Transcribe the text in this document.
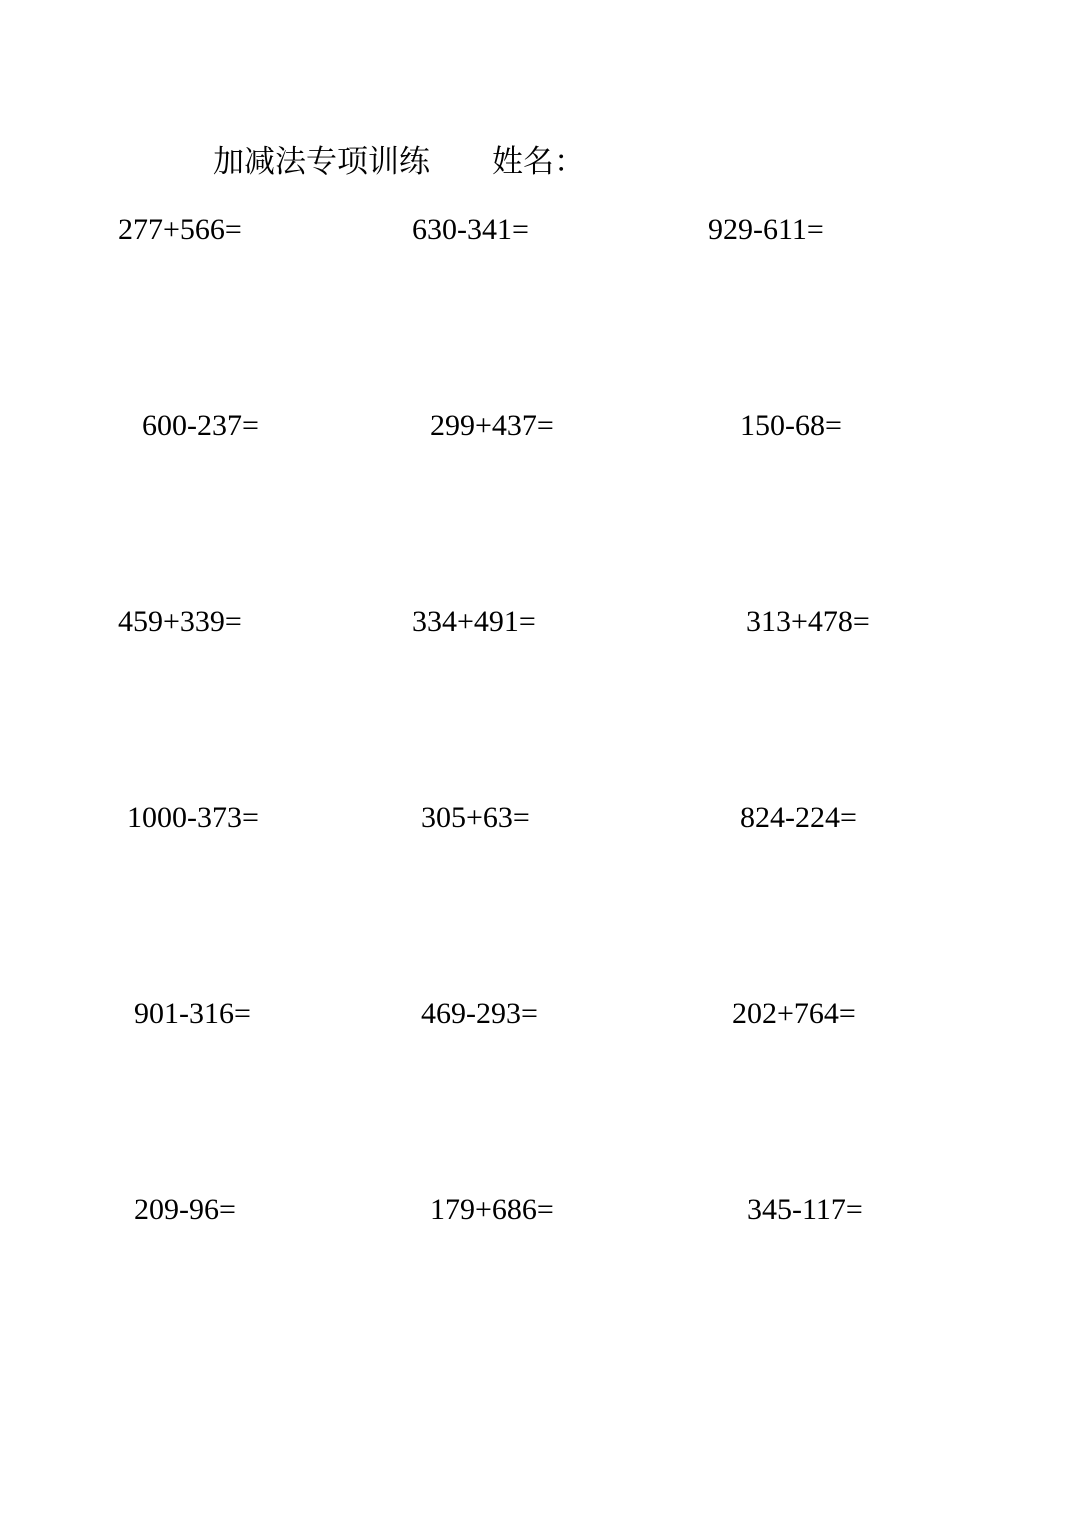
加减法专项训练 姓名：
277+566=	630-341=	929-611=
600-237=	299+437=	150-68=
459+339=	334+491=	313+478=
1000-373=	305+63=	824-224=
901-316=	469-293=	202+764=
209-96=	179+686=	345-117=
